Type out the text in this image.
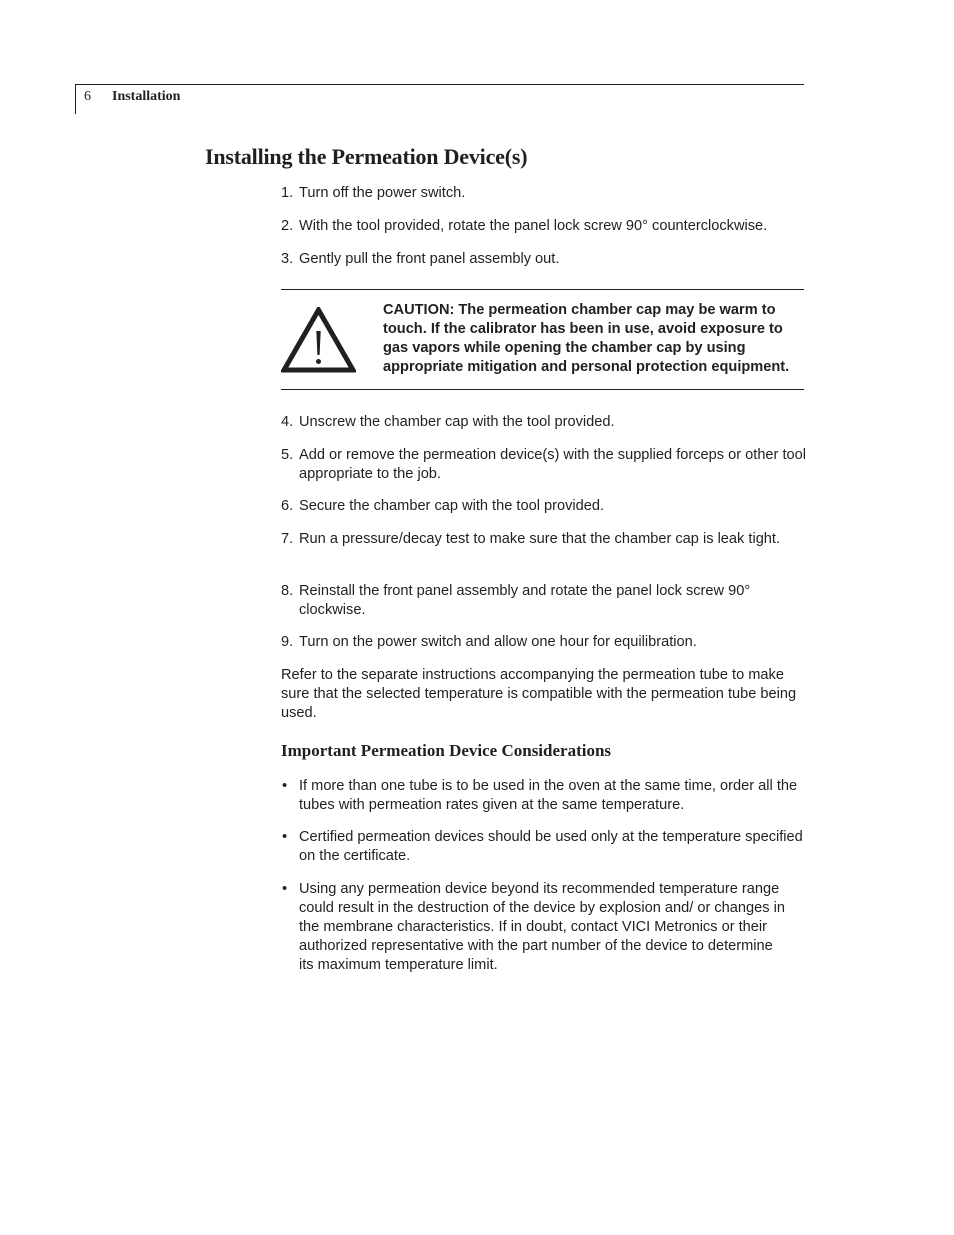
6 Installation
Installing the Permeation Device(s)
1. Turn off the power switch.
2. With the tool provided, rotate the panel lock screw 90° counterclockwise.
3. Gently pull the front panel assembly out.
CAUTION: The permeation chamber cap may be warm to touch. If the calibrator has been in use, avoid exposure to gas vapors while opening the chamber cap by using appropriate mitigation and personal protection equipment.
4. Unscrew the chamber cap with the tool provided.
5. Add or remove the permeation device(s) with the supplied forceps or other tool appropriate to the job.
6. Secure the chamber cap with the tool provided.
7. Run a pressure/decay test to make sure that the chamber cap is leak tight.
8. Reinstall the front panel assembly and rotate the panel lock screw 90° clockwise.
9. Turn on the power switch and allow one hour for equilibration.
Refer to the separate instructions accompanying the permeation tube to make sure that the selected temperature is compatible with the permeation tube being used.
Important Permeation Device Considerations
• If more than one tube is to be used in the oven at the same time, order all the tubes with permeation rates given at the same temperature.
• Certified permeation devices should be used only at the temperature specified on the certificate.
• Using any permeation device beyond its recommended temperature range could result in the destruction of the device by explosion and/ or changes in the membrane characteristics. If in doubt, contact VICI Metronics or their authorized representative with the part number of the device to determine its maximum temperature limit.
